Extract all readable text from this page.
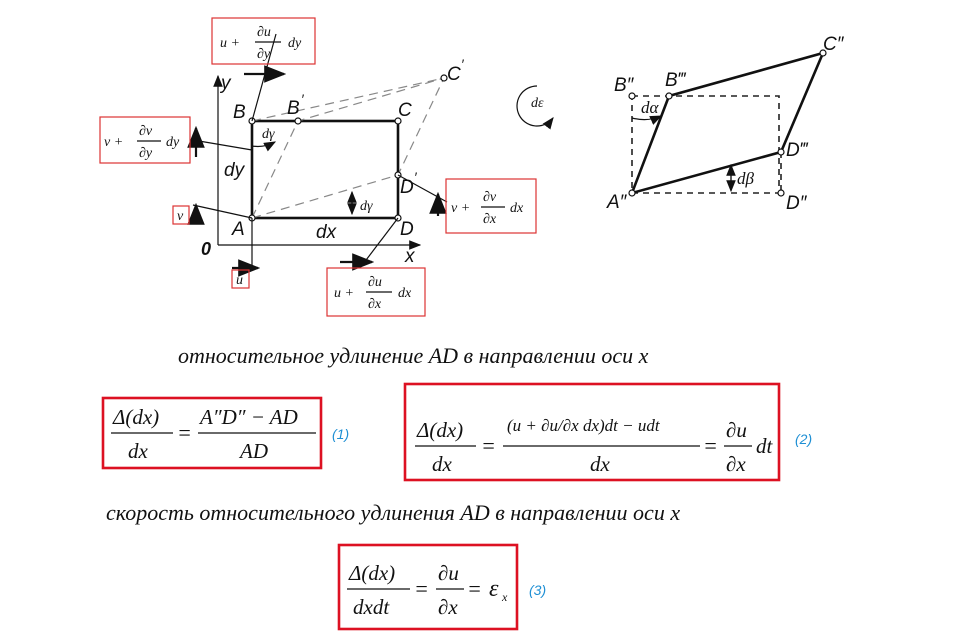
y
x
0
A
B	C
D
B ′
C ′
D ′
dx
dy
dγ
dγ
u +
∂u
∂y
dy
v +
∂v
∂y
dy
v
u
v +
∂v
∂x
dx
u +
∂u
∂x
dx
dε
A″
B″ B‴
C″
D‴
D″
dα
dβ
относительное удлинение AD в направлении оси x
Δ(dx)
dx
=
A″D″ − AD
AD
(1)	Δ(dx)
dx
=
(u + ∂u/∂x dx)dt − udt
dx
=
∂u
∂x
dt (2)
скорость относительного удлинения AD в направлении оси x
Δ(dx)
dxdt
=
∂u
∂x
= ε x (3)
